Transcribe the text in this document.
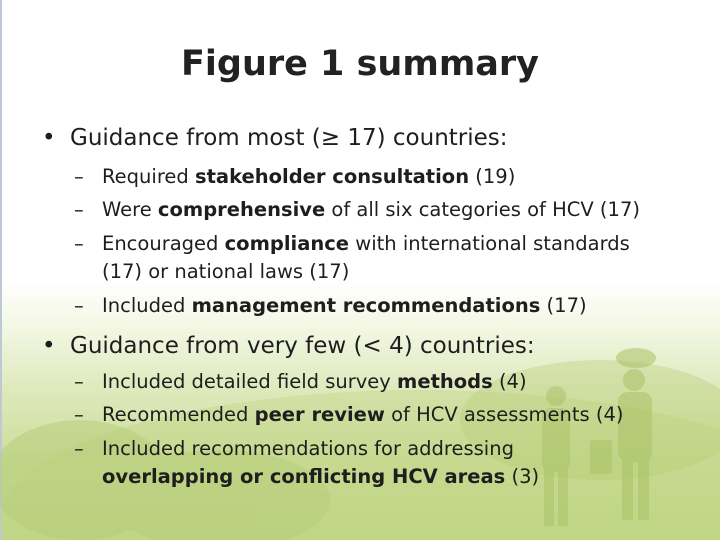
Figure 1 summary
• Guidance from most (≥ 17) countries:
– Required stakeholder consultation (19)
– Were comprehensive of all six categories of HCV (17)
– Encouraged compliance with international standards
(17) or national laws (17)
– Included management recommendations (17)
• Guidance from very few (< 4) countries:
– Included detailed field survey methods (4)
– Recommended peer review of HCV assessments (4)
– Included recommendations for addressing
overlapping or conflicting HCV areas (3)
